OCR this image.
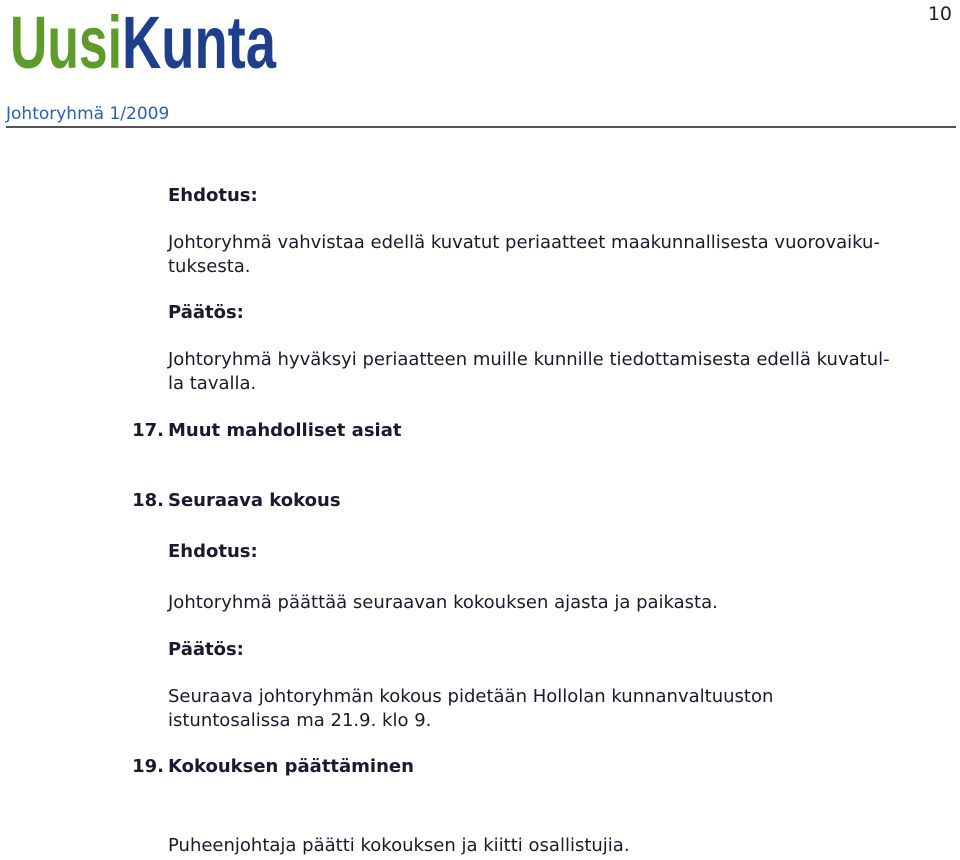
Uusi Kunta	10
Johtoryhmä 1/2009
Ehdotus:
Johtoryhmä vahvistaa edellä kuvatut periaatteet maakunnallisesta vuorovaiku-
tuksesta.
Päätös:
Johtoryhmä hyväksyi periaatteen muille kunnille tiedottamisesta edellä kuvatul-
la tavalla.
17. Muut mahdolliset asiat
18. Seuraava kokous
Ehdotus:
Johtoryhmä päättää seuraavan kokouksen ajasta ja paikasta.
Päätös:
Seuraava johtoryhmän kokous pidetään Hollolan kunnanvaltuuston
istuntosalissa ma 21.9. klo 9.
19. Kokouksen päättäminen
Puheenjohtaja päätti kokouksen ja kiitti osallistujia.
